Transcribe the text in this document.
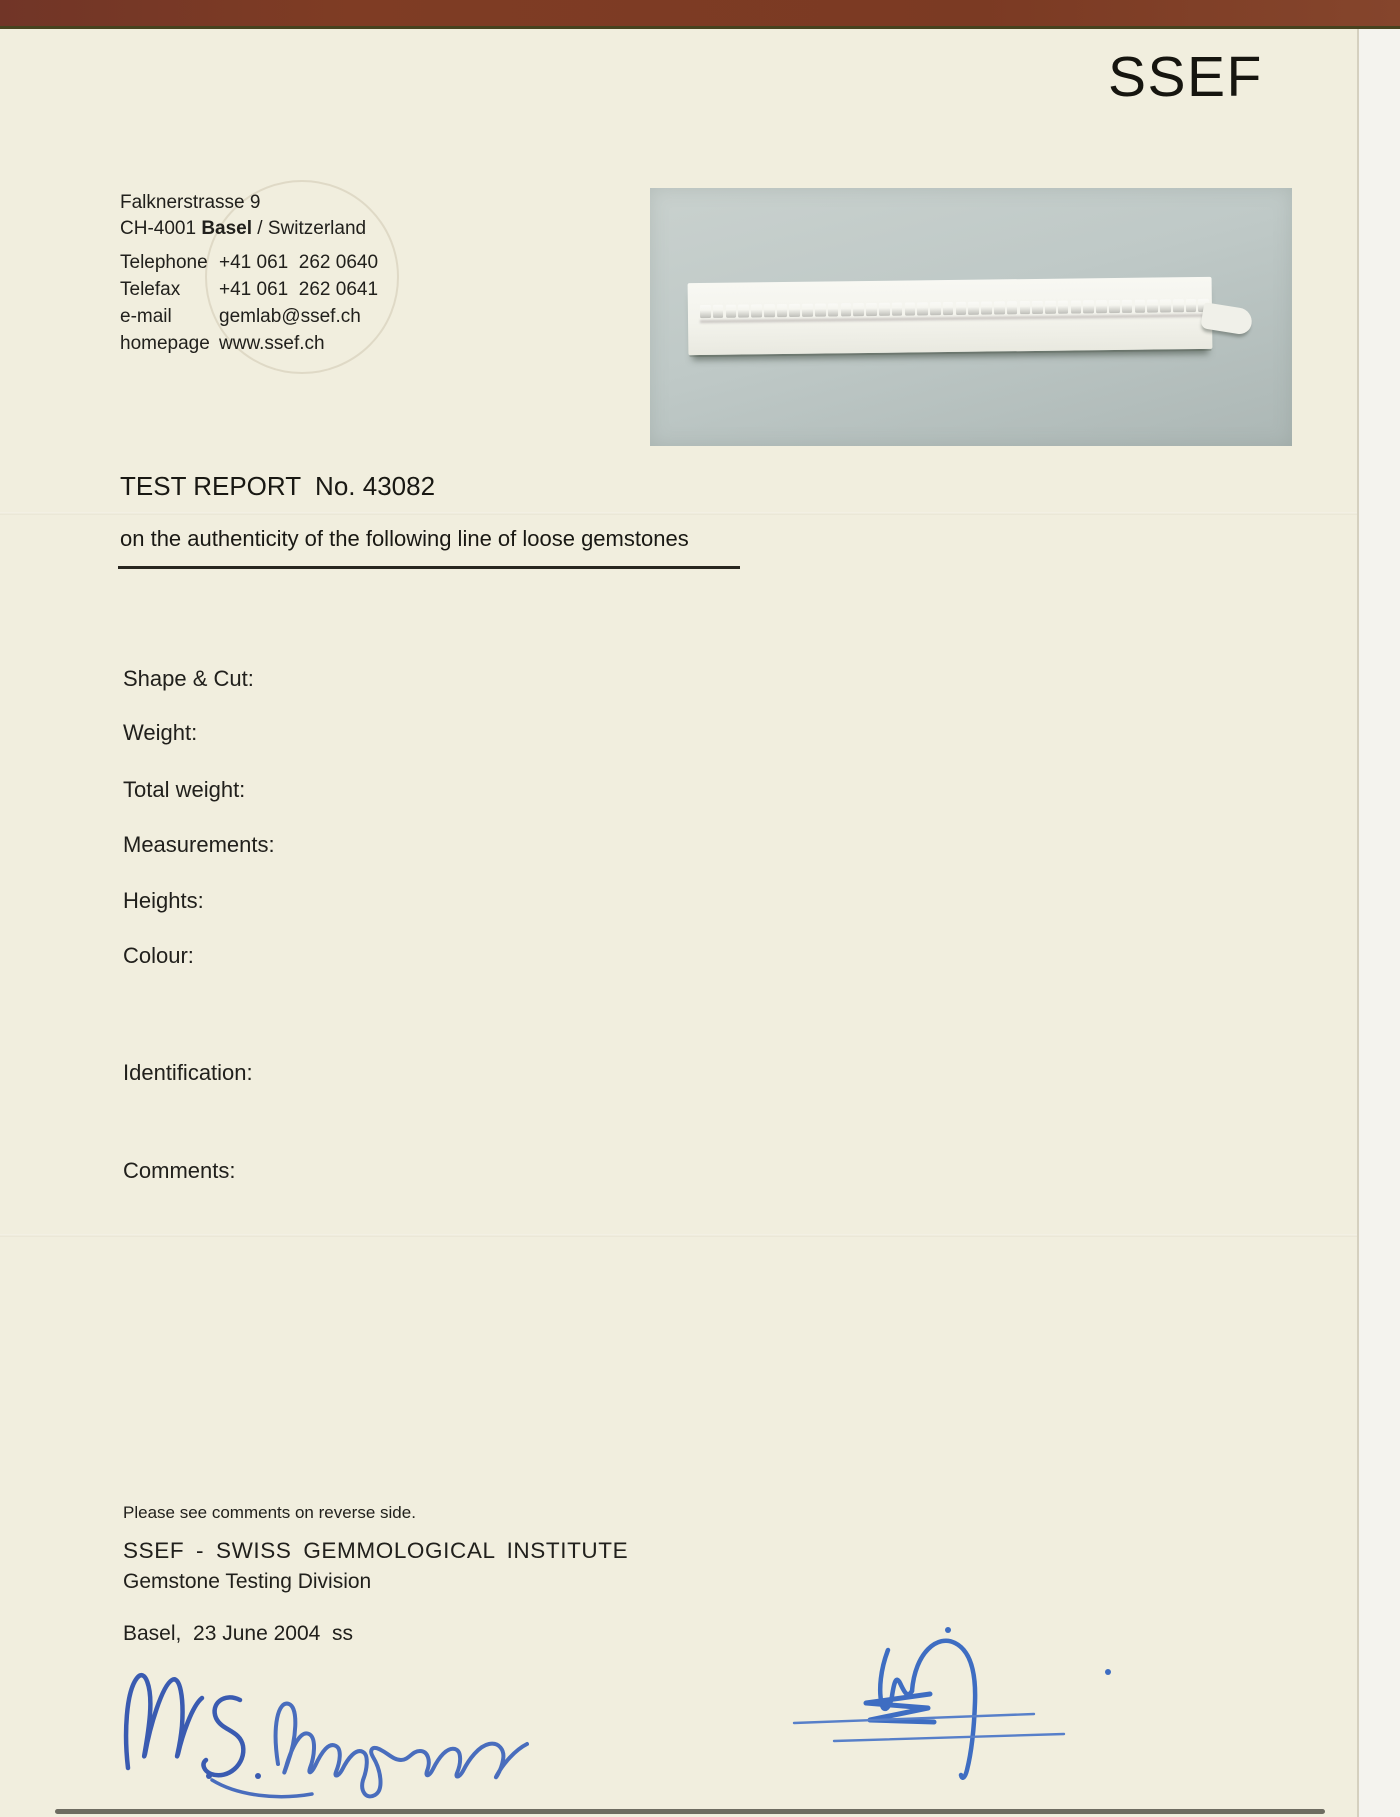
Falknerstrasse 9
CH-4001 Basel / Switzerland
Telephone +41 061  262 0640
Telefax	+41 061  262 0641
e-mail	gemlab@ssef.ch
homepage www.ssef.ch
SSEF
TEST REPORT  No. 43082
on the authenticity of the following line of loose gemstones
Shape & Cut:
Weight:
Total weight:
Measurements:
Heights:
Colour:
Identification:
Comments:
Please see comments on reverse side.
SSEF - SWISS GEMMOLOGICAL INSTITUTE
Gemstone Testing Division
Basel,  23 June 2004  ss
